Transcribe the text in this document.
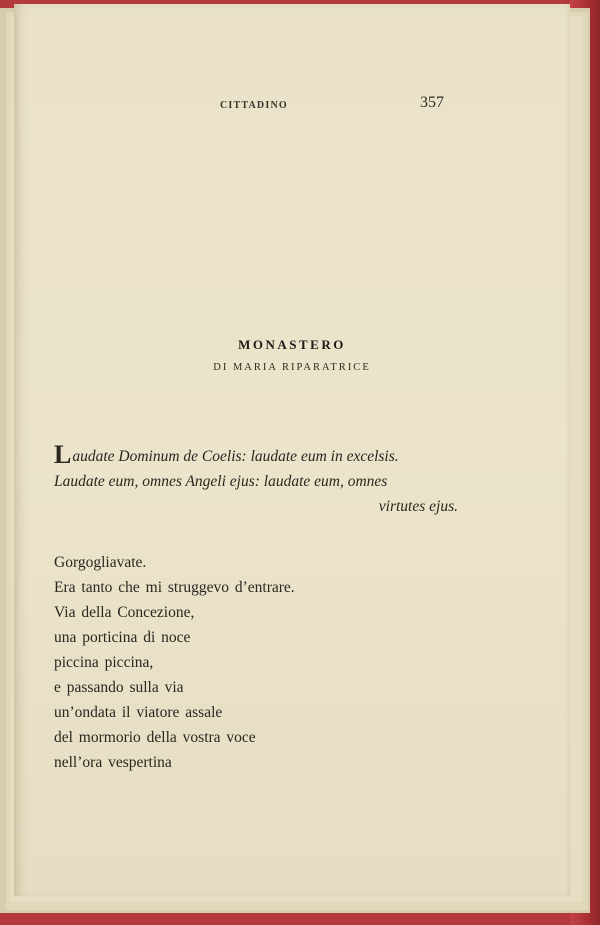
CITTADINO	357
MONASTERO
DI MARIA RIPARATRICE
Laudate Dominum de Coelis: laudate eum in excelsis.
Laudate eum, omnes Angeli ejus: laudate eum, omnes
virtutes ejus.
Gorgogliavate.
Era tanto che mi struggevo d’entrare.
Via della Concezione,
una porticina di noce
piccina piccina,
e passando sulla via
un’ondata il viatore assale
del mormorio della vostra voce
nell’ora vespertina
